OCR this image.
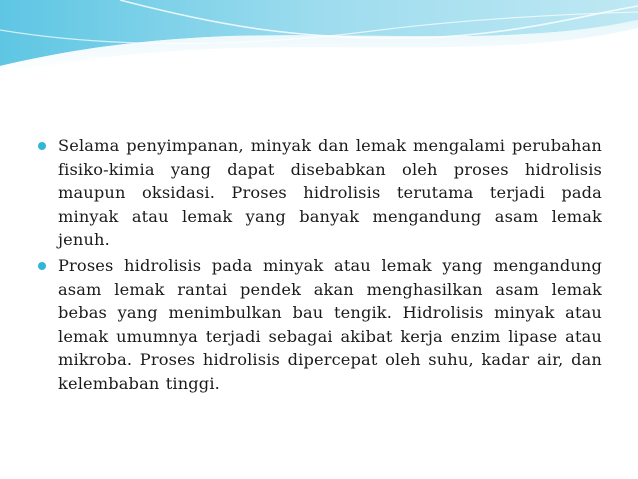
Selama penyimpanan, minyak dan lemak mengalami perubahan fisiko-kimia yang dapat disebabkan oleh proses hidrolisis maupun oksidasi. Proses hidrolisis terutama terjadi pada minyak atau lemak yang banyak mengandung asam lemak jenuh.
Proses hidrolisis pada minyak atau lemak yang mengandung asam lemak rantai pendek akan menghasilkan asam lemak bebas yang menimbulkan bau tengik. Hidrolisis minyak atau lemak umumnya terjadi sebagai akibat kerja enzim lipase atau mikroba. Proses hidrolisis dipercepat oleh suhu, kadar air, dan kelembaban tinggi.
